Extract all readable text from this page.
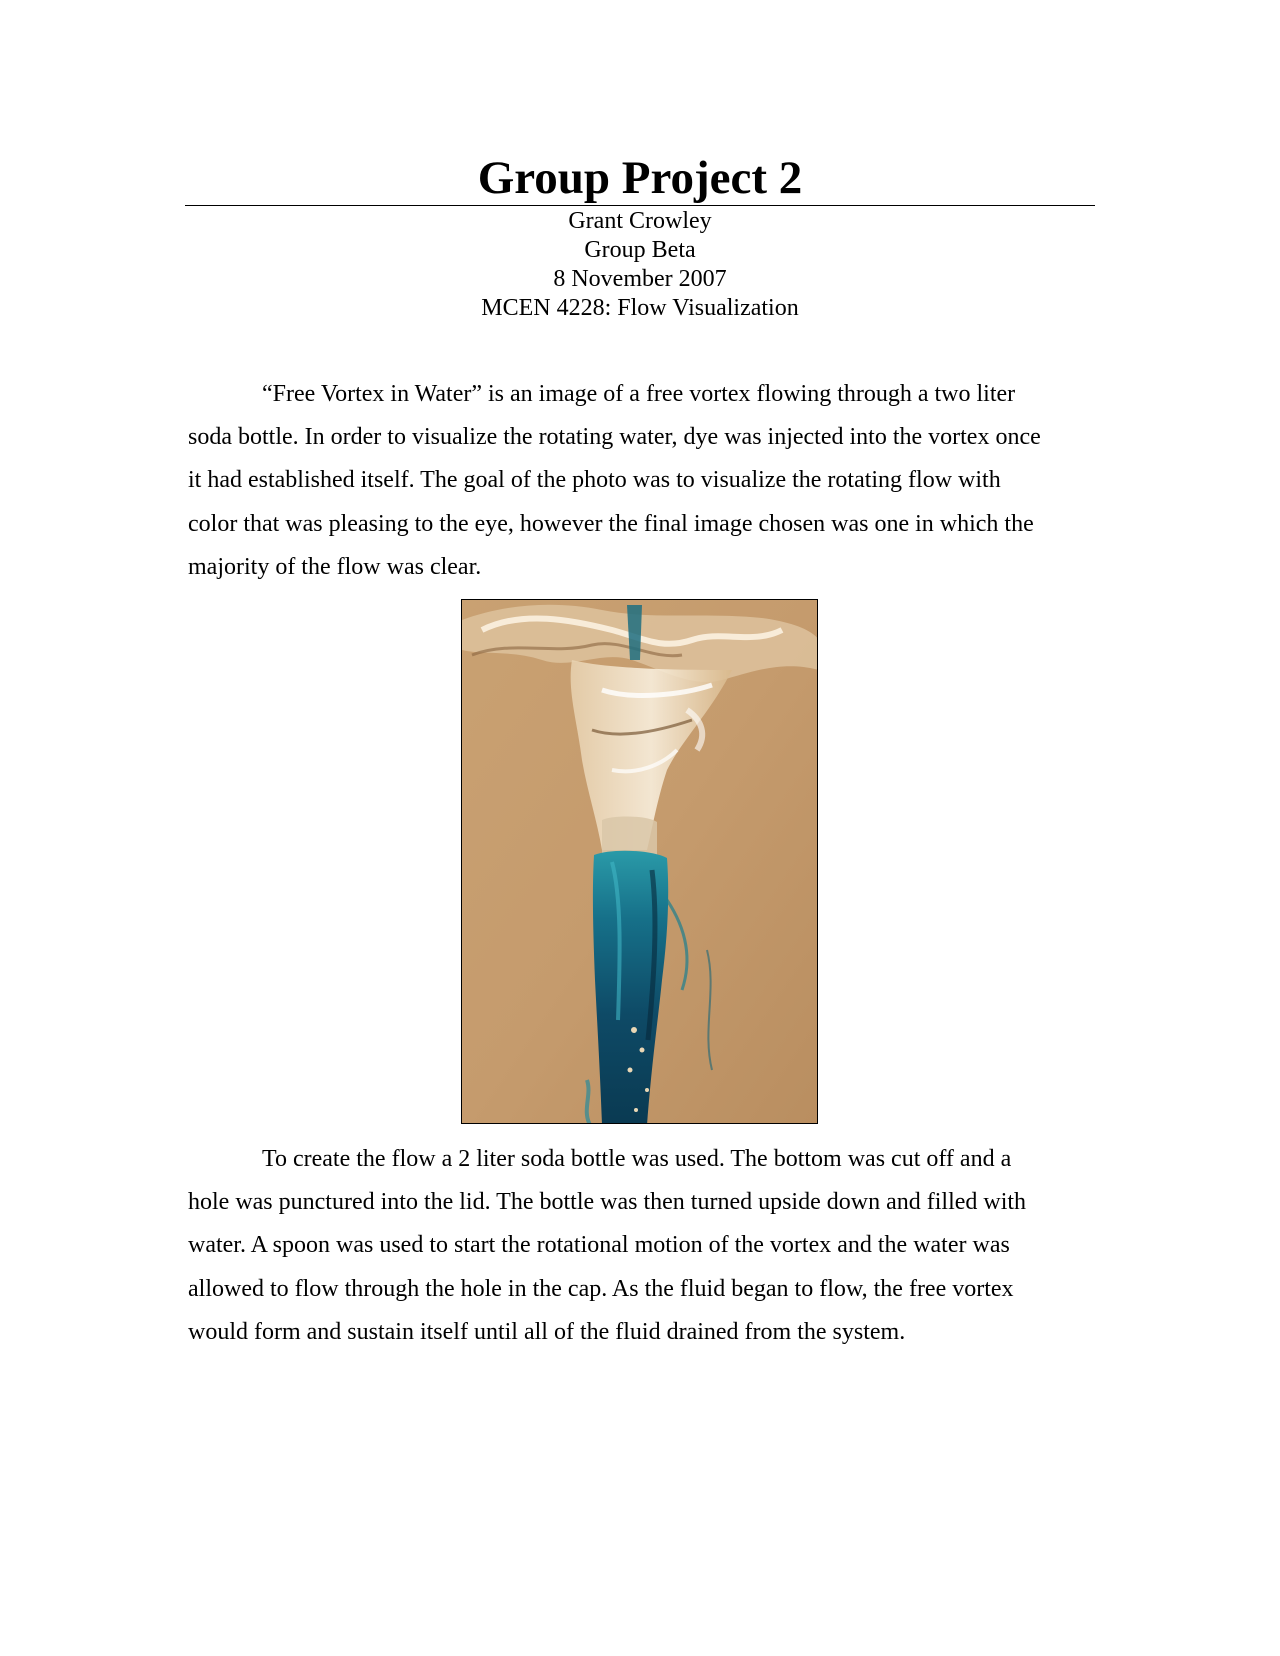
Group Project 2
Grant Crowley
Group Beta
8 November 2007
MCEN 4228: Flow Visualization
“Free Vortex in Water” is an image of a free vortex flowing through a two liter
soda bottle. In order to visualize the rotating water, dye was injected into the vortex once
it had established itself. The goal of the photo was to visualize the rotating flow with
color that was pleasing to the eye, however the final image chosen was one in which the
majority of the flow was clear.
To create the flow a 2 liter soda bottle was used. The bottom was cut off and a
hole was punctured into the lid. The bottle was then turned upside down and filled with
water. A spoon was used to start the rotational motion of the vortex and the water was
allowed to flow through the hole in the cap. As the fluid began to flow, the free vortex
would form and sustain itself until all of the fluid drained from the system.
